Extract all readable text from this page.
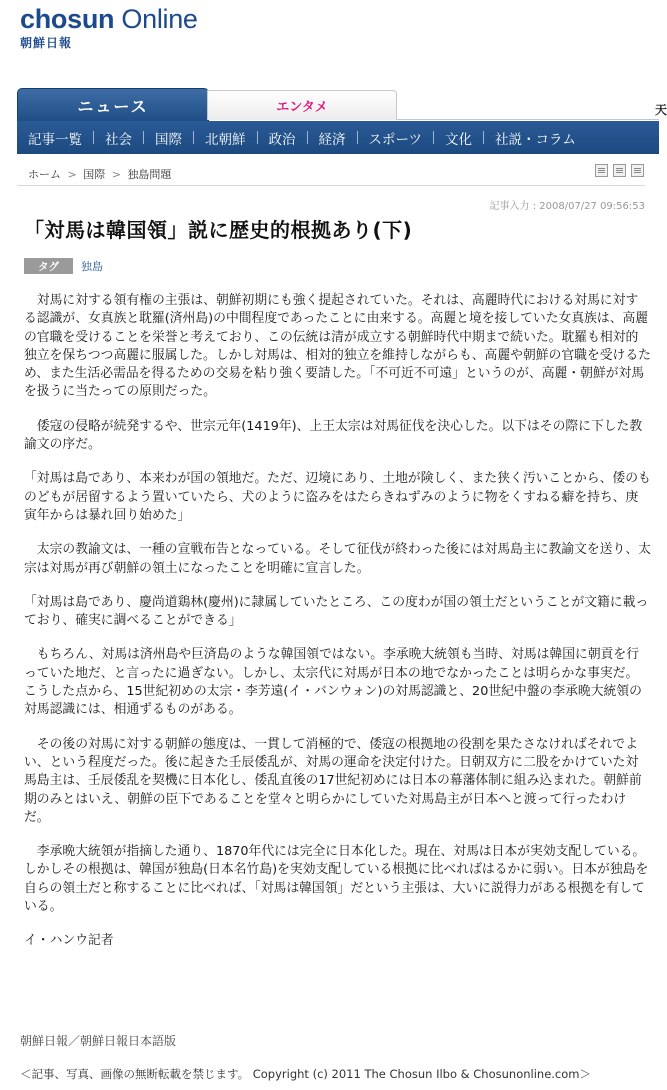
chosun Online
朝鮮日報
ニュース	エンタメ	天
記事一覧	社会	国際	北朝鮮	政治	経済	スポーツ	文化	社説・コラム
ホーム > 国際 > 独島問題
記事入力 : 2008/07/27 09:56:53
「対馬は韓国領」説に歴史的根拠あり(下)
タグ	独島

　対馬に対する領有権の主張は、朝鮮初期にも強く提起されていた。それは、高麗時代における対馬に対する認識が、女真族と耽羅(済州島)の中間程度であったことに由来する。高麗と境を接していた女真族は、高麗の官職を受けることを栄誉と考えており、この伝統は清が成立する朝鮮時代中期まで続いた。耽羅も相対的独立を保ちつつ高麗に服属した。しかし対馬は、相対的独立を維持しながらも、高麗や朝鮮の官職を受けるため、また生活必需品を得るための交易を粘り強く要請した。「不可近不可遠」というのが、高麗・朝鮮が対馬を扱うに当たっての原則だった。

　倭寇の侵略が続発するや、世宗元年(1419年)、上王太宗は対馬征伐を決心した。以下はその際に下した教諭文の序だ。

「対馬は島であり、本来わが国の領地だ。ただ、辺境にあり、土地が険しく、また狭く汚いことから、倭のものどもが居留するよう置いていたら、犬のように盗みをはたらきねずみのように物をくすねる癖を持ち、庚寅年からは暴れ回り始めた」

　太宗の教諭文は、一種の宣戦布告となっている。そして征伐が終わった後には対馬島主に教諭文を送り、太宗は対馬が再び朝鮮の領土になったことを明確に宣言した。

「対馬は島であり、慶尚道鶏林(慶州)に隷属していたところ、この度わが国の領土だということが文籍に載っており、確実に調べることができる」

　もちろん、対馬は済州島や巨済島のような韓国領ではない。李承晩大統領も当時、対馬は韓国に朝貢を行っていた地だ、と言ったに過ぎない。しかし、太宗代に対馬が日本の地でなかったことは明らかな事実だ。こうした点から、15世紀初めの太宗・李芳遠(イ・バンウォン)の対馬認識と、20世紀中盤の李承晩大統領の対馬認識には、相通ずるものがある。

　その後の対馬に対する朝鮮の態度は、一貫して消極的で、倭寇の根拠地の役割を果たさなければそれでよい、という程度だった。後に起きた壬辰倭乱が、対馬の運命を決定付けた。日朝双方に二股をかけていた対馬島主は、壬辰倭乱を契機に日本化し、倭乱直後の17世紀初めには日本の幕藩体制に組み込まれた。朝鮮前期のみとはいえ、朝鮮の臣下であることを堂々と明らかにしていた対馬島主が日本へと渡って行ったわけだ。

　李承晩大統領が指摘した通り、1870年代には完全に日本化した。現在、対馬は日本が実効支配している。しかしその根拠は、韓国が独島(日本名竹島)を実効支配している根拠に比べればはるかに弱い。日本が独島を自らの領土だと称することに比べれば、「対馬は韓国領」だという主張は、大いに説得力がある根拠を有している。

イ・ハンウ記者

朝鮮日報／朝鮮日報日本語版
＜記事、写真、画像の無断転載を禁じます。 Copyright (c) 2011 The Chosun Ilbo & Chosunonline.com＞
